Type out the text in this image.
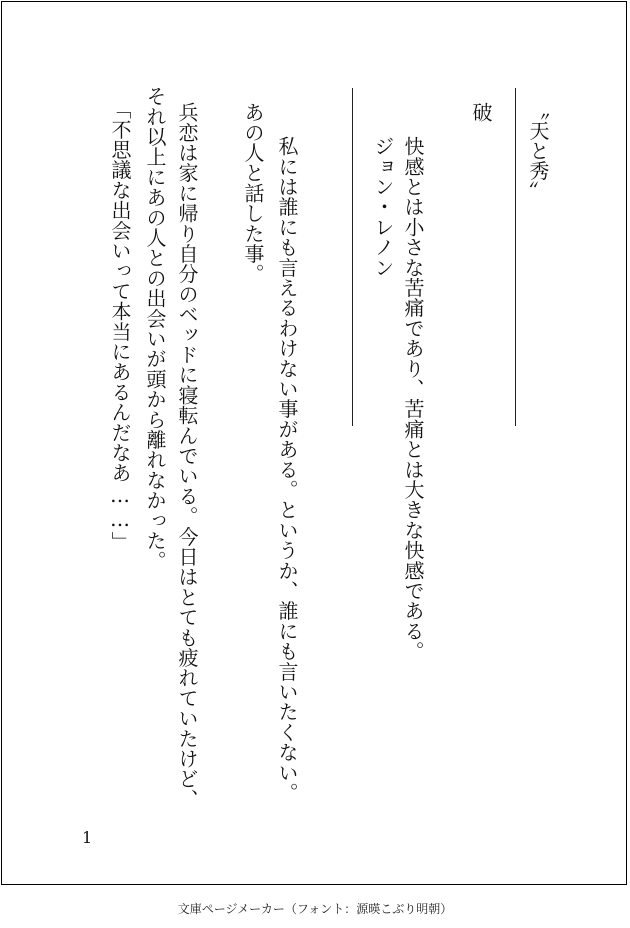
〝天と秀〟
破
快感とは小さな苦痛であり、苦痛とは大きな快感である。
ジョン・レノン
私には誰にも言えるわけない事がある。というか、誰にも言いたくない。
あの人と話した事。
兵恋は家に帰り自分のベッドに寝転んでいる。今日はとても疲れていたけど、
それ以上にあの人との出会いが頭から離れなかった。
「不思議な出会いって本当にあるんだなあ……」
1
文庫ページメーカー（フォント：源暎こぶり明朝）
